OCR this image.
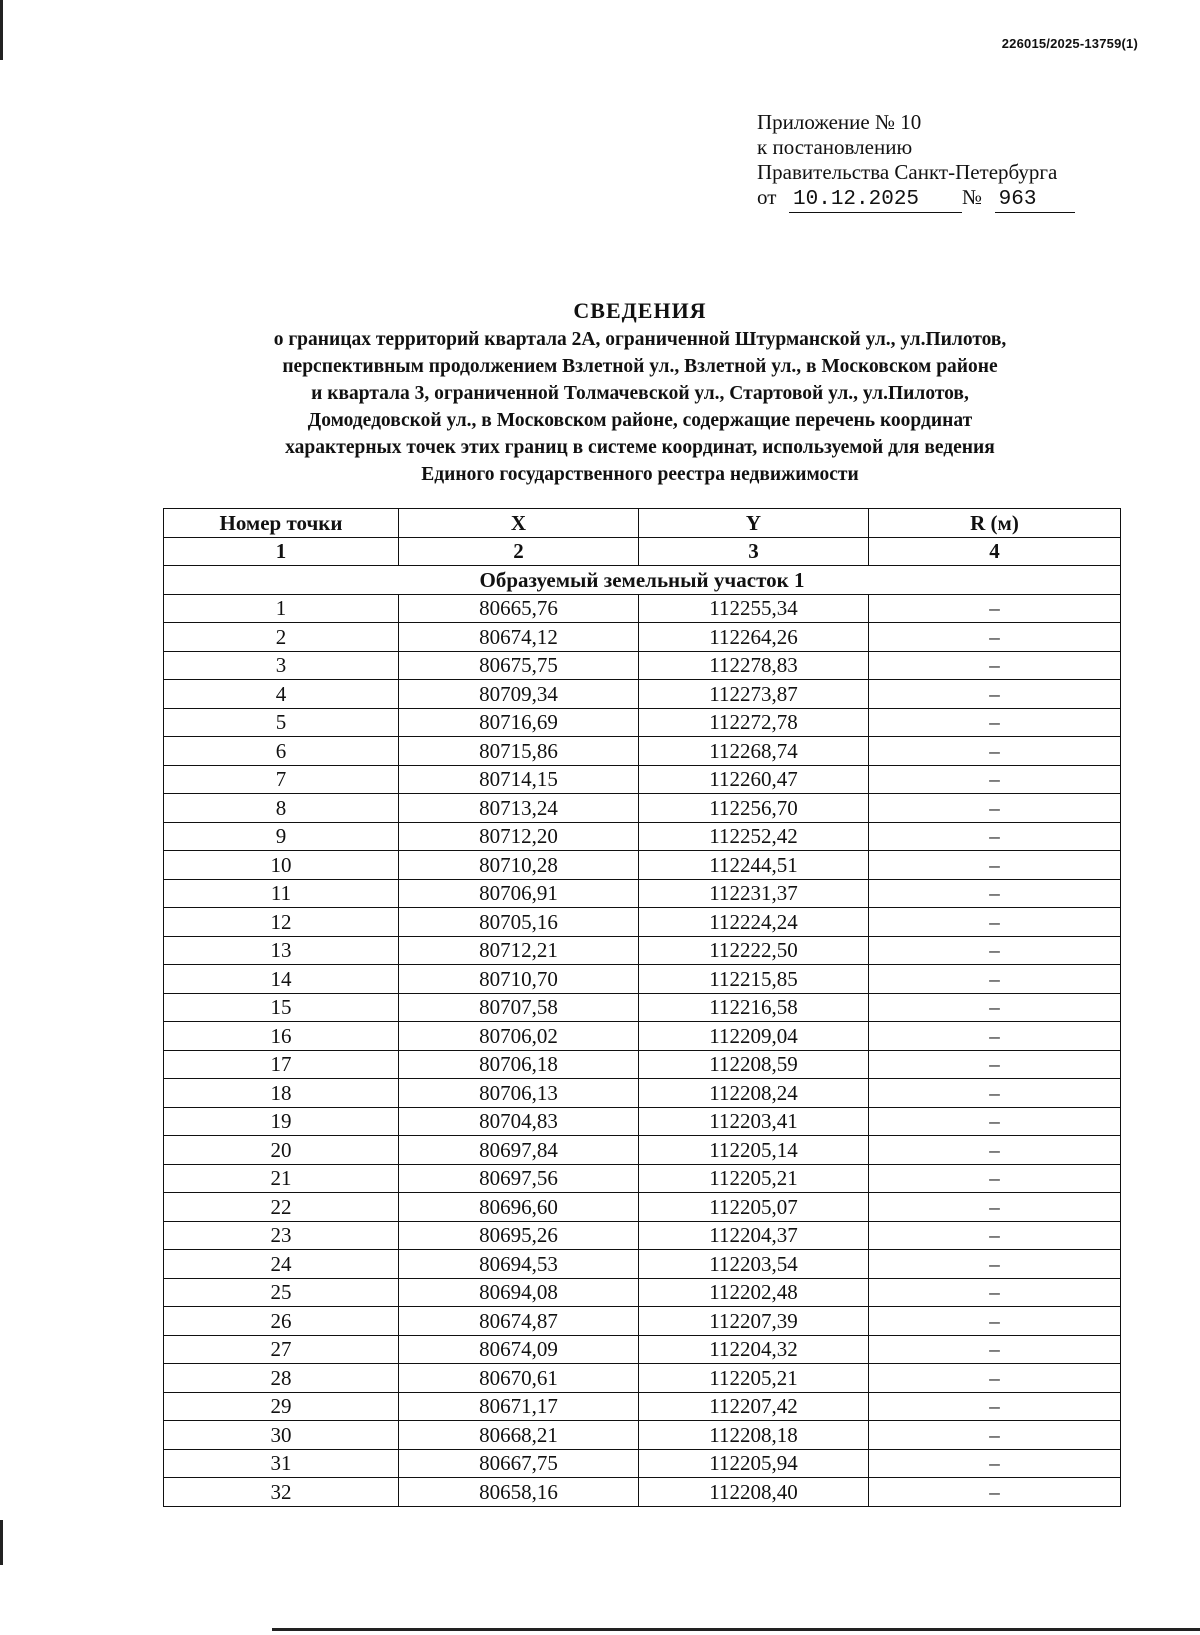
226015/2025-13759(1)
Приложение № 10
к постановлению
Правительства Санкт-Петербурга
от 10.12.2025 № 963
СВЕДЕНИЯ
о границах территорий квартала 2А, ограниченной Штурманской ул., ул.Пилотов,
перспективным продолжением Взлетной ул., Взлетной ул., в Московском районе
и квартала 3, ограниченной Толмачевской ул., Стартовой ул., ул.Пилотов,
Домодедовской ул., в Московском районе, содержащие перечень координат
характерных точек этих границ в системе координат, используемой для ведения
Единого государственного реестра недвижимости
Номер точки	X	Y	R (м)
1	2	3	4
Образуемый земельный участок 1			
1	80665,76	112255,34	–
2	80674,12	112264,26	–
3	80675,75	112278,83	–
4	80709,34	112273,87	–
5	80716,69	112272,78	–
6	80715,86	112268,74	–
7	80714,15	112260,47	–
8	80713,24	112256,70	–
9	80712,20	112252,42	–
10	80710,28	112244,51	–
11	80706,91	112231,37	–
12	80705,16	112224,24	–
13	80712,21	112222,50	–
14	80710,70	112215,85	–
15	80707,58	112216,58	–
16	80706,02	112209,04	–
17	80706,18	112208,59	–
18	80706,13	112208,24	–
19	80704,83	112203,41	–
20	80697,84	112205,14	–
21	80697,56	112205,21	–
22	80696,60	112205,07	–
23	80695,26	112204,37	–
24	80694,53	112203,54	–
25	80694,08	112202,48	–
26	80674,87	112207,39	–
27	80674,09	112204,32	–
28	80670,61	112205,21	–
29	80671,17	112207,42	–
30	80668,21	112208,18	–
31	80667,75	112205,94	–
32	80658,16	112208,40	–
